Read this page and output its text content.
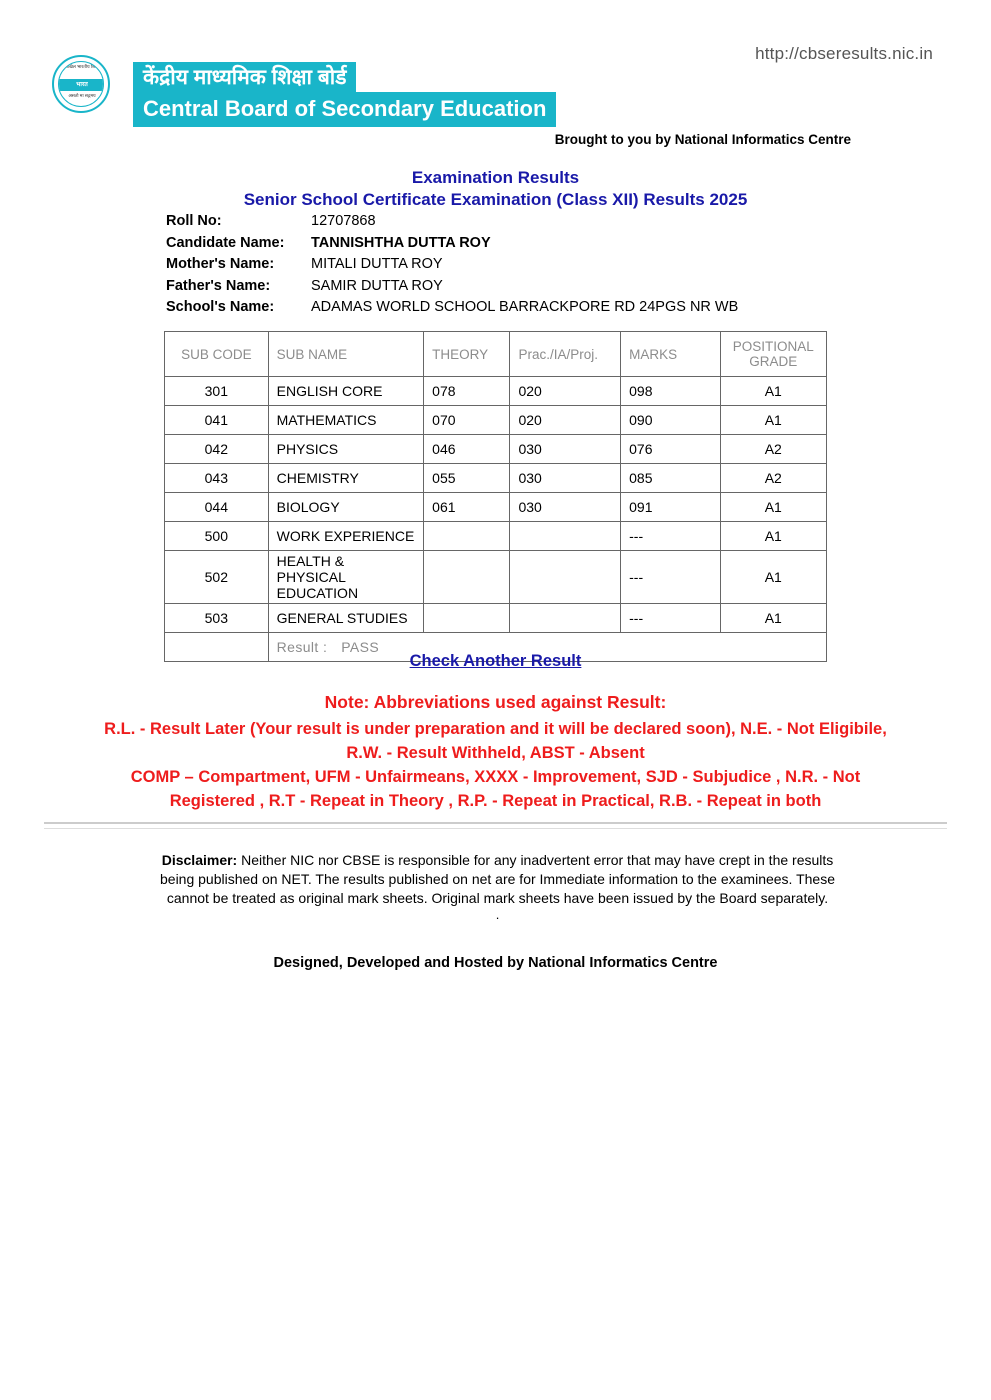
http://cbseresults.nic.in
अखिल भारतीय शिक्षा
भारत
असतो मा सद्गमय
केंद्रीय माध्यमिक शिक्षा बोर्ड
Central Board of Secondary Education
Brought to you by National Informatics Centre
Examination Results
Senior School Certificate Examination (Class XII) Results 2025
Roll No:	12707868
Candidate Name:	TANNISHTHA DUTTA ROY
Mother's Name:	MITALI DUTTA ROY
Father's Name:	SAMIR DUTTA ROY
School's Name:	ADAMAS WORLD SCHOOL BARRACKPORE RD 24PGS NR WB
SUB CODE	SUB NAME	THEORY	Prac./IA/Proj.	MARKS	POSITIONAL
GRADE

301	ENGLISH CORE	078	020	098	A1
041	MATHEMATICS	070	020	090	A1
042	PHYSICS	046	030	076	A2
043	CHEMISTRY	055	030	085	A2
044	BIOLOGY	061	030	091	A1
500	WORK EXPERIENCE			---	A1
502	HEALTH & PHYSICAL EDUCATION			---	A1
503	GENERAL STUDIES			---	A1
	Result : PASS				
Check Another Result
Note: Abbreviations used against Result:
R.L. - Result Later (Your result is under preparation and it will be declared soon), N.E. - Not Eligibile,
R.W. - Result Withheld, ABST - Absent
COMP – Compartment, UFM - Unfairmeans, XXXX - Improvement, SJD - Subjudice , N.R. - Not
Registered , R.T - Repeat in Theory , R.P. - Repeat in Practical, R.B. - Repeat in both
Disclaimer: Neither NIC nor CBSE is responsible for any inadvertent error that may have crept in the results being published on NET. The results published on net are for Immediate information to the examinees. These cannot be treated as original mark sheets. Original mark sheets have been issued by the Board separately.
.
Designed, Developed and Hosted by National Informatics Centre
